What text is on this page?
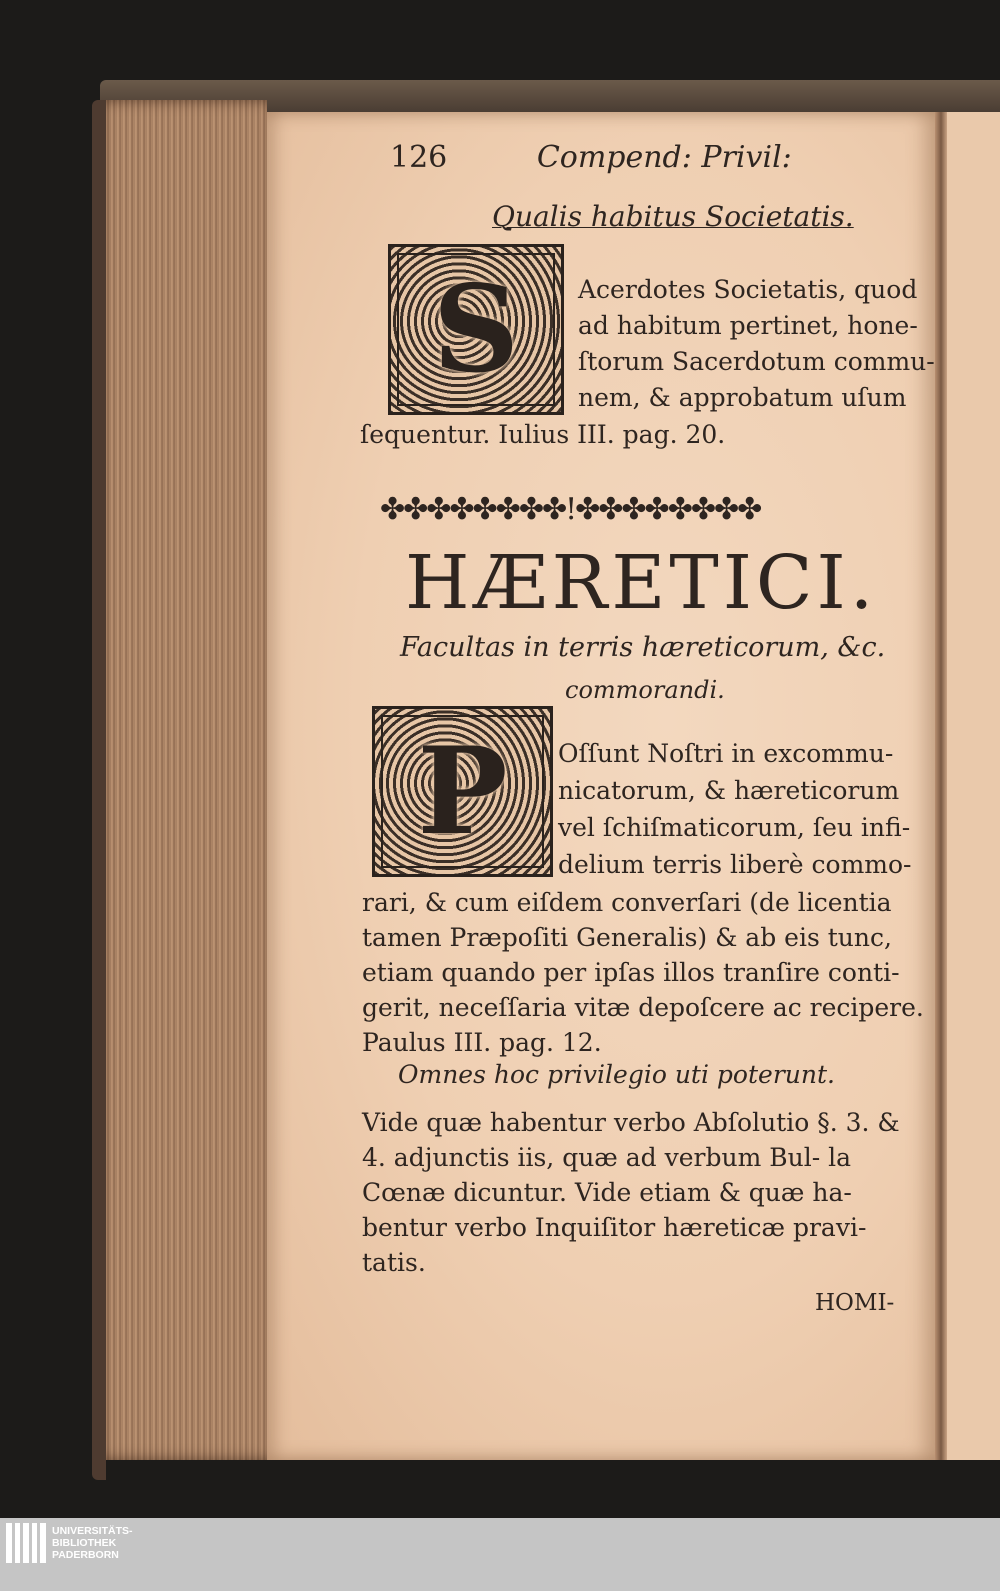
126	Compend: Privil:
Qualis habitus Societatis.
S	Acerdotes Societatis, quod
ad habitum pertinet, hone-
ſtorum Sacerdotum commu-
nem, & approbatum uſum
ſequentur. Iulius III. pag. 20.
✤✤✤✤✤✤✤✤!✤✤✤✤✤✤✤✤
HÆRETICI.
Facultas in terris hæreticorum, &c.
commorandi.
P	Oſſunt Noſtri in excommu-
nicatorum, & hæreticorum
vel ſchiſmaticorum, ſeu infi-
delium terris liberè commo-
rari, & cum eiſdem converſari (de licentia
tamen Præpoſiti Generalis) & ab eis tunc,
etiam quando per ipſas illos tranſire conti-
gerit, neceſſaria vitæ depoſcere ac recipere.
Paulus III. pag. 12.
Omnes hoc privilegio uti poterunt.
Vide quæ habentur verbo Abſolutio §. 3. & 4. adjunctis iis, quæ ad verbum Bul- la Cœnæ dicuntur. Vide etiam & quæ ha- bentur verbo Inquiſitor hæreticæ pravi- tatis.
HOMI-
UNIVERSITÄTS-
BIBLIOTHEK
PADERBORN
